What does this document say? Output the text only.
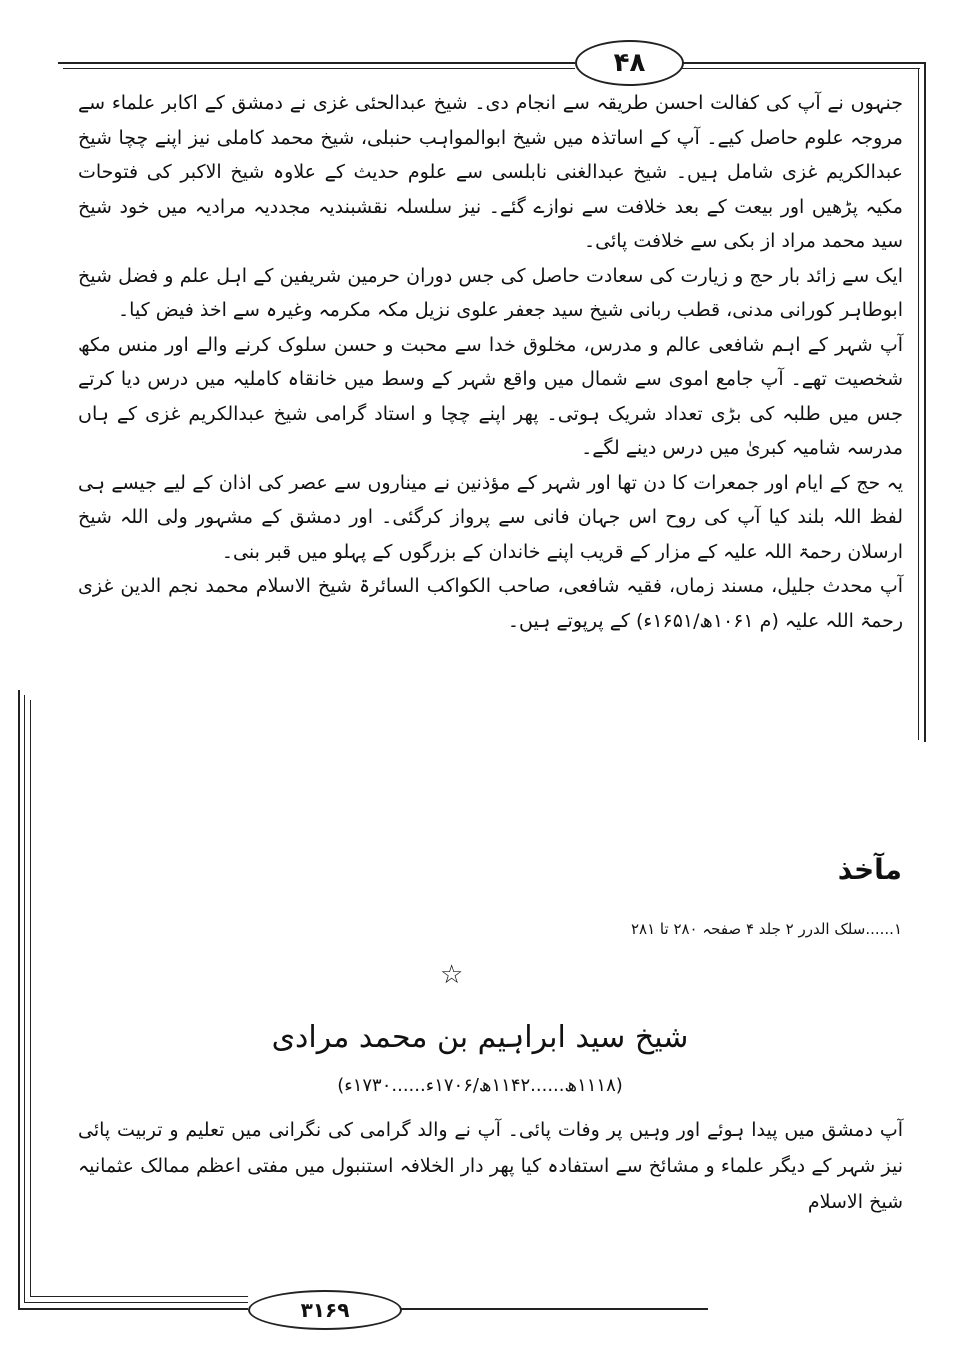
۴۸

جنہوں نے آپ کی کفالت احسن طریقہ سے انجام دی۔ شیخ عبدالحئی غزی نے دمشق کے اکابر علماء سے مروجہ علوم حاصل کیے۔ آپ کے اساتذہ میں شیخ ابوالمواہب حنبلی، شیخ محمد کاملی نیز اپنے چچا شیخ عبدالکریم غزی شامل ہیں۔ شیخ عبدالغنی نابلسی سے علوم حدیث کے علاوہ شیخ الاکبر کی فتوحات مکیہ پڑھیں اور بیعت کے بعد خلافت سے نوازے گئے۔ نیز سلسلہ نقشبندیہ مجددیہ مرادیہ میں خود شیخ سید محمد مراد از بکی سے خلافت پائی۔

ایک سے زائد بار حج و زیارت کی سعادت حاصل کی جس دوران حرمین شریفین کے اہل علم و فضل شیخ ابوطاہر کورانی مدنی، قطب ربانی شیخ سید جعفر علوی نزیل مکہ مکرمہ وغیرہ سے اخذ فیض کیا۔

آپ شہر کے اہم شافعی عالم و مدرس، مخلوق خدا سے محبت و حسن سلوک کرنے والے اور منس مکھ شخصیت تھے۔ آپ جامع اموی سے شمال میں واقع شہر کے وسط میں خانقاہ کاملیہ میں درس دیا کرتے جس میں طلبہ کی بڑی تعداد شریک ہوتی۔ پھر اپنے چچا و استاد گرامی شیخ عبدالکریم غزی کے ہاں مدرسہ شامیہ کبریٰ میں درس دینے لگے۔

یہ حج کے ایام اور جمعرات کا دن تھا اور شہر کے مؤذنین نے میناروں سے عصر کی اذان کے لیے جیسے ہی لفظ اللہ بلند کیا آپ کی روح اس جہان فانی سے پرواز کرگئی۔ اور دمشق کے مشہور ولی اللہ شیخ ارسلان رحمۃ اللہ علیہ کے مزار کے قریب اپنے خاندان کے بزرگوں کے پہلو میں قبر بنی۔

آپ محدث جلیل، مسند زماں، فقیہ شافعی، صاحب الکواکب السائرۃ شیخ الاسلام محمد نجم الدین غزی رحمۃ اللہ علیہ (م ۱۰۶۱ھ/۱۶۵۱ء) کے پرپوتے ہیں۔

مآخذ
۱......سلک الدرر ۲ جلد ۴ صفحہ ۲۸۰ تا ۲۸۱
☆
شیخ سید ابراہیم بن محمد مرادی
(۱۱۱۸ھ......۱۱۴۲ھ/۱۷۰۶ء......۱۷۳۰ء)

آپ دمشق میں پیدا ہوئے اور وہیں پر وفات پائی۔ آپ نے والد گرامی کی نگرانی میں تعلیم و تربیت پائی نیز شہر کے دیگر علماء و مشائخ سے استفادہ کیا پھر دار الخلافہ استنبول میں مفتی اعظم ممالک عثمانیہ شیخ الاسلام

۳۱۶۹
